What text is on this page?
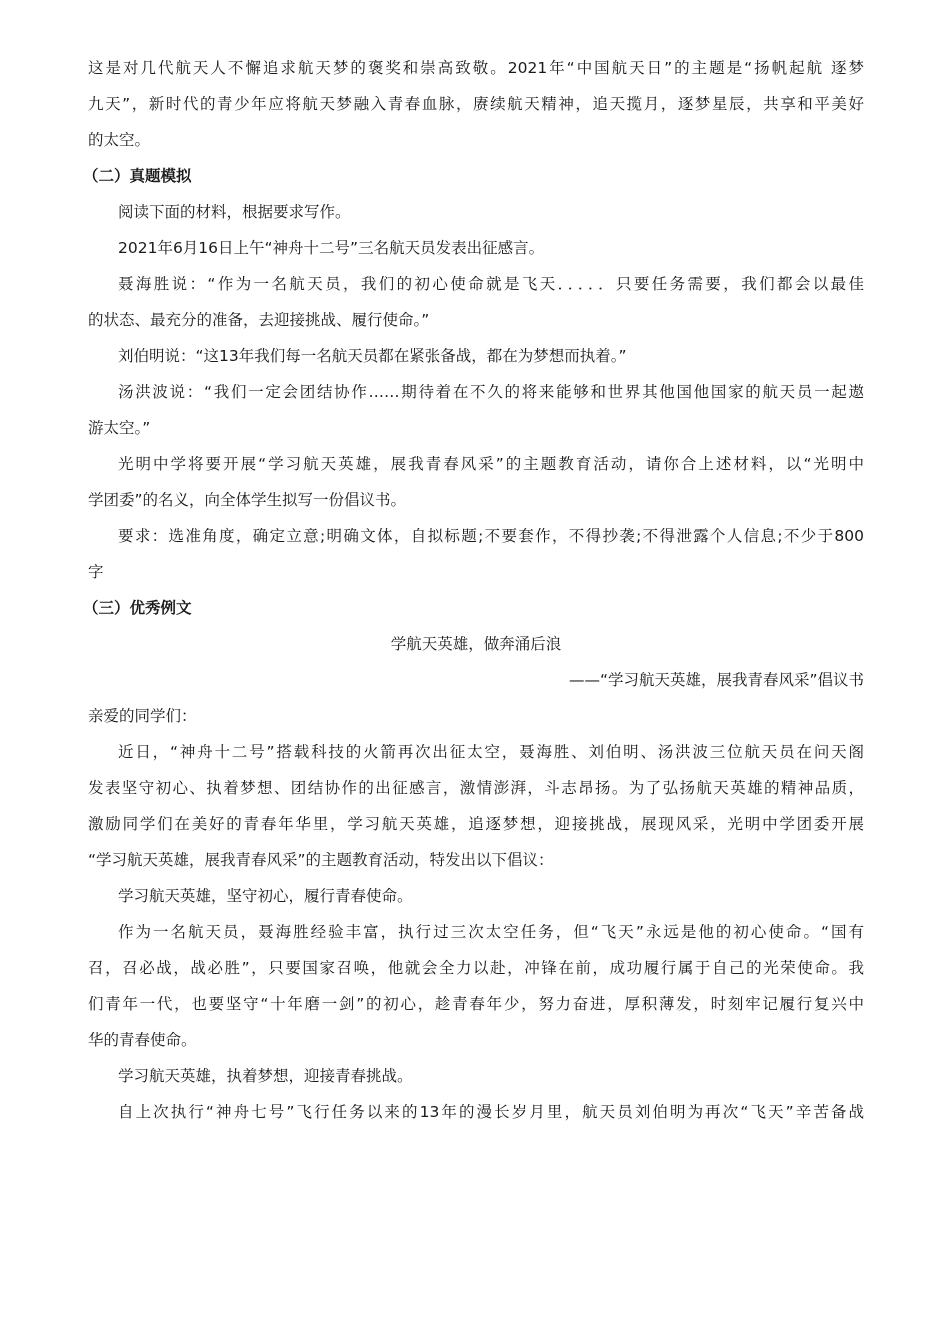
这是对几代航天人不懈追求航天梦的褒奖和崇高致敬。2021年“中国航天日”的主题是“扬帆起航 逐梦
九天”，新时代的青少年应将航天梦融入青春血脉，赓续航天精神，追天揽月，逐梦星辰，共享和平美好
的太空。
（二）真题模拟
阅读下面的材料，根据要求写作。
2021年6月16日上午“神舟十二号”三名航天员发表出征感言。
聂海胜说：“作为一名航天员，我们的初心使命就是飞天．．．．．只要任务需要，我们都会以最佳
的状态、最充分的准备，去迎接挑战、履行使命。”
刘伯明说：“这13年我们每一名航天员都在紧张备战，都在为梦想而执着。”
汤洪波说：“我们一定会团结协作……期待着在不久的将来能够和世界其他国他国家的航天员一起遨
游太空。”
光明中学将要开展“学习航天英雄，展我青春风采”的主题教育活动，请你合上述材料，以“光明中
学团委”的名义，向全体学生拟写一份倡议书。
要求：选准角度，确定立意;明确文体，自拟标题;不要套作，不得抄袭;不得泄露个人信息;不少于800
字
（三）优秀例文
学航天英雄，做奔涌后浪
——“学习航天英雄，展我青春风采”倡议书
亲爱的同学们：
近日，“神舟十二号”搭载科技的火箭再次出征太空，聂海胜、刘伯明、汤洪波三位航天员在问天阁
发表坚守初心、执着梦想、团结协作的出征感言，激情澎湃，斗志昂扬。为了弘扬航天英雄的精神品质，
激励同学们在美好的青春年华里，学习航天英雄，追逐梦想，迎接挑战，展现风采，光明中学团委开展
“学习航天英雄，展我青春风采”的主题教育活动，特发出以下倡议：
学习航天英雄，坚守初心，履行青春使命。
作为一名航天员，聂海胜经验丰富，执行过三次太空任务，但“飞天”永远是他的初心使命。“国有
召，召必战，战必胜”，只要国家召唤，他就会全力以赴，冲锋在前，成功履行属于自己的光荣使命。我
们青年一代，也要坚守“十年磨一剑”的初心，趁青春年少，努力奋进，厚积薄发，时刻牢记履行复兴中
华的青春使命。
学习航天英雄，执着梦想，迎接青春挑战。
自上次执行“神舟七号”飞行任务以来的13年的漫长岁月里，航天员刘伯明为再次“飞天”辛苦备战
